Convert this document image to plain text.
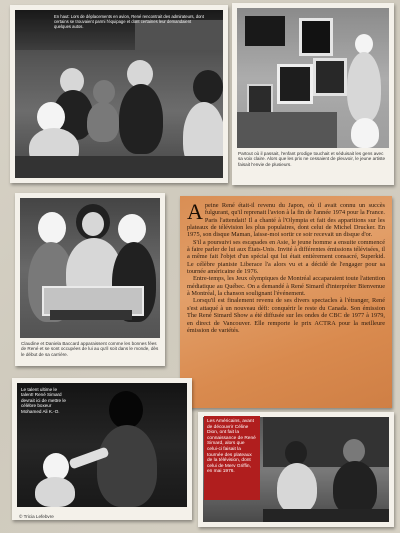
En haut: Lors de déplacements en avion, René rencontrait des admirateurs, dont certains se trouvaient parmi l'équipage et dont certaines leur demandaient quelques autos.
Partout où il passait, l'enfant prodige touchait et séduisait les gens avec sa voix claire. Alors que les prix ne cessaient de pleuvoir, le jeune artiste faisait l'envie de plusieurs.
Claudine et Daniela Baccard apparaissent comme les bonnes fées de René et se sont occupées de lui au qu'il soit dans le monde, dès le début de sa carrière.

Apeine René était-il revenu du Japon, où il avait connu un succès fulgurant, qu'il reprenait l'avion à la fin de l'année 1974 pour la France. Paris l'attendait! Il a chanté à l'Olympia et fait des apparitions sur les plateaux de télévision les plus populaires, dont celui de Michel Drucker. En 1975, son disque Maman, laisse-moi sortir ce soir recevait un disque d'or.

S'il a poursuivi ses escapades en Asie, le jeune homme a ensuite commencé à faire parler de lui aux États-Unis. Invité à différentes émissions télévisées, il a même fait l'objet d'un spécial qui lui était entièrement consacré, Superkid. Le célèbre pianiste Liberace l'a alors vu et a décidé de l'engager pour sa tournée américaine de 1976.

Entre-temps, les Jeux olympiques de Montréal accaparaient toute l'attention médiatique au Québec. On a demandé à René Simard d'interpréter Bienvenue à Montréal, la chanson soulignant l'événement.

Lorsqu'il est finalement revenu de ses divers spectacles à l'étranger, René s'est attaqué à un nouveau défi: conquérir le reste du Canada. Son émission The René Simard Show a été diffusée sur les ondes de CBC de 1977 à 1979, en direct de Vancouver. Elle remporte le prix ACTRA pour la meilleure émission de variétés.

Le talent ultime le talent! René Simard devrait ici de mettre le célèbre boxeur Mohamed Ali K.-O.
© Tricia Lefebvre
Les Américains, avant de découvrir Céline Dion, ont fait la connaissance de René Simard, alors que celui-ci faisait la tournée des plateaux de la télévision, dont celui de Merv Griffin, en mai 1976.
